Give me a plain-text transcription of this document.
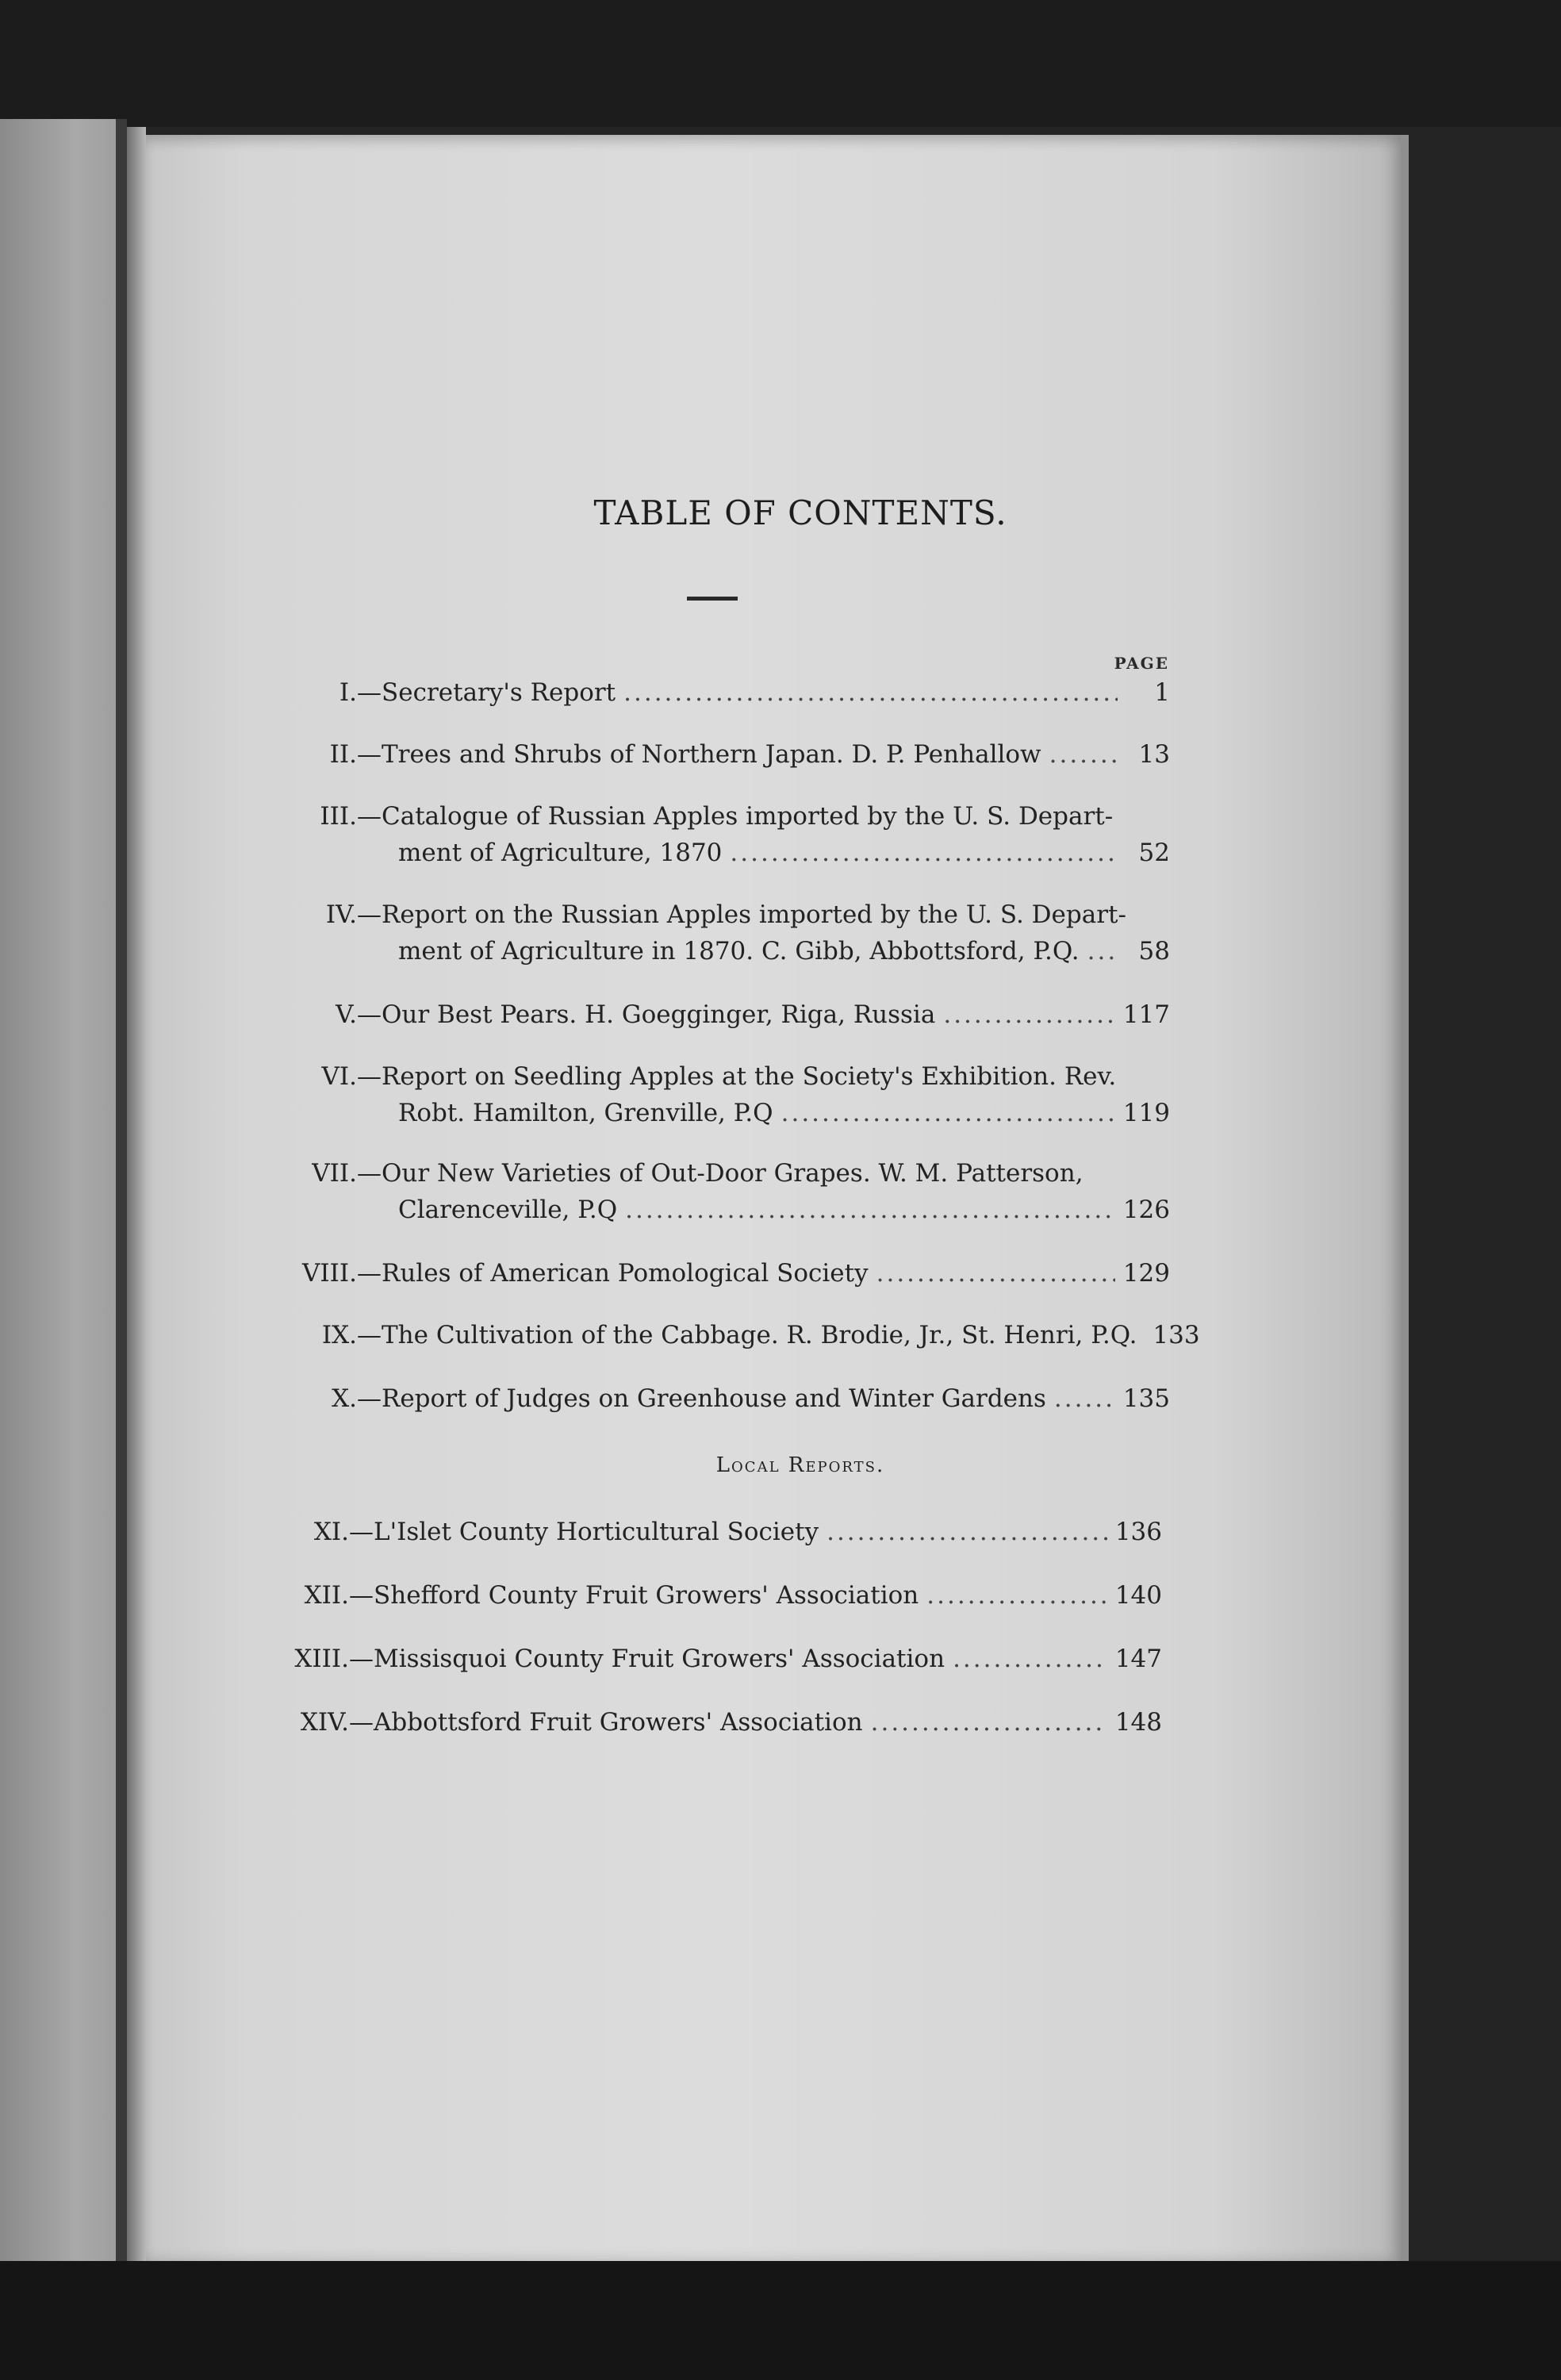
TABLE OF CONTENTS.
PAGE
I. —Secretary's Report .....	1
II. —Trees and Shrubs of Northern Japan. D. P. Penhallow .....	13
III. —Catalogue of Russian Apples imported by the U. S. Depart-
ment of Agriculture, 1870 .....	52
IV. —Report on the Russian Apples imported by the U. S. Depart-
ment of Agriculture in 1870. C. Gibb, Abbottsford, P.Q. .....	58
V. —Our Best Pears. H. Goegginger, Riga, Russia .....	117
VI. —Report on Seedling Apples at the Society's Exhibition. Rev.
Robt. Hamilton, Grenville, P.Q .....	119
VII. —Our New Varieties of Out-Door Grapes. W. M. Patterson,
Clarenceville, P.Q .....	126
VIII. —Rules of American Pomological Society .....	129
IX. —The Cultivation of the Cabbage. R. Brodie, Jr., St. Henri, P.Q. 133
X. —Report of Judges on Greenhouse and Winter Gardens .....	135
Local Reports.
XI. —L'Islet County Horticultural Society .....	136
XII. —Shefford County Fruit Growers' Association .....	140
XIII. —Missisquoi County Fruit Growers' Association .....	147
XIV. —Abbottsford Fruit Growers' Association .....	148
